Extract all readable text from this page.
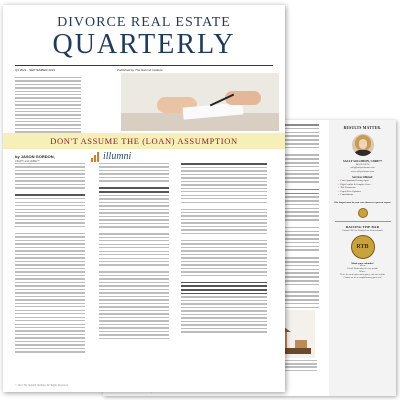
RESULTS MATTER.
SALLY SOLOMON, CDRE™
800-216-9674
sally@sallysolomon.com
www.sallysolomon.com
Services Offered:
• Court Appointed Listing Agent
• High-Conflict & Complex Cases
• Title Documents
• Expert Price Opinions
• Consultations
The largest asset in your case deserves a proven expert.
RAISING THE BAR
Virtual CLE for Family Law Professionals
RTB
Mark your calendar!
When:
Fourth Wednesday of every month
Where:
To see the next topics and register, visit our website
Contact me for a complimentary guest seat!
DIVORCE REAL ESTATE
QUARTERLY
Q3 2021 · SEPTEMBER 2021	Published by The Summit Institute
DON'T ASSUME THE (LOAN) ASSUMPTION
by JASON GORDON,
CDLP® and CDRE™	illumni
© 2021 The Summit Institute. All Rights Reserved.
